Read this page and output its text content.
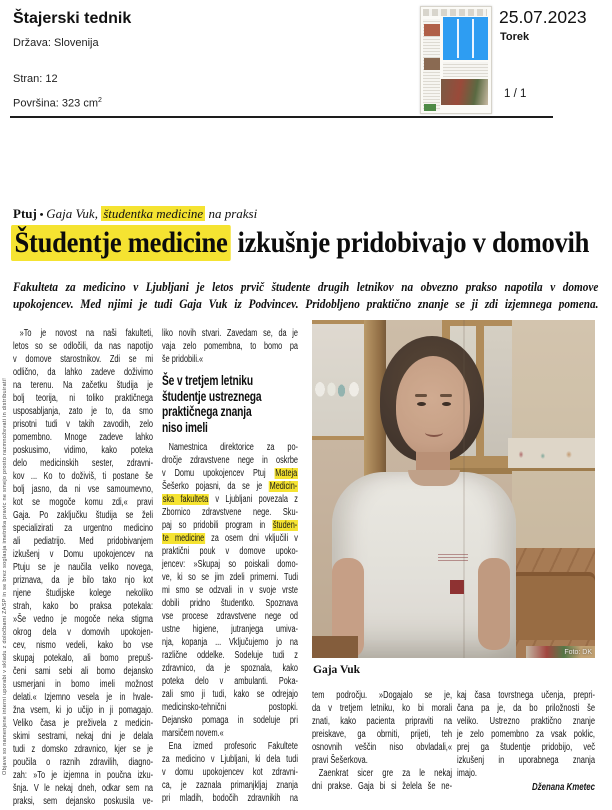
Štajerski tednik
Država: Slovenija
Stran: 12
Površina: 323 $cm^2$
25.07.2023
Torek
1 / 1
Objave so namenjene interni uporabi v skladu z določbami ZASP in se brez soglasja imetnika pravic ne smejo prosto razmnoževati in distribuirati!
Ptuj • Gaja Vuk, študentka medicine na praksi
Študentje medicine izkušnje pridobivajo v domovih
Fakulteta za medicino v Ljubljani je letos prvič študente drugih letnikov na obvezno prakso napotila v domove
upokojencev. Med njimi je tudi Gaja Vuk iz Podvincev. Pridobljeno praktično znanje se ji zdi izjemnega pomena.
»To je novost na naši fakulteti,
letos so se odločili, da nas napotijo
v domove starostnikov. Zdi se mi
odlično, da lahko zadeve doživimo
na terenu. Na začetku študija je
bolj teorija, ni toliko praktičnega
usposabljanja, zato je to, da smo
prisotni tudi v takih zavodih, zelo
pomembno. Mnoge zadeve lahko
poskusimo, vidimo, kako poteka
delo medicinskih sester, zdravni-
kov ... Ko to doživiš, ti postane še
bolj jasno, da ni vse samoumevno,
kot se mogoče komu zdi,« pravi
Gaja. Po zaključku študija se želi
specializirati za urgentno medicino
ali pediatrijo. Med pridobivanjem
izkušenj v Domu upokojencev na
Ptuju se je naučila veliko novega,
priznava, da je bilo tako njo kot
njene študijske kolege nekoliko
strah, kako bo praksa potekala:
»Še vedno je mogoče neka stigma
okrog dela v domovih upokojen-
cev, nismo vedeli, kako bo vse
skupaj potekalo, ali bomo prepuš-
čeni sami sebi ali bomo dejansko
usmerjani in bomo imeli možnost
delati.« Izjemno vesela je in hvale-
žna vsem, ki jo učijo in ji pomagajo.
Veliko časa je preživela z medicin-
skimi sestrami, nekaj dni je delala
tudi z domsko zdravnico, kjer se je
poučila o raznih zdravilih, diagno-
zah: »To je izjemna in poučna izku-
šnja. V le nekaj dneh, odkar sem na
praksi, sem dejansko poskusila ve-
liko novih stvari. Zavedam se, da je
vaja zelo pomembna, to bomo pa
še pridobili.«
Še v tretjem letniku
študentje ustreznega
praktičnega znanja
niso imeli
Namestnica direktorice za po-
dročje zdravstvene nege in oskrbe
v Domu upokojencev Ptuj Mateja
Šešerko pojasni, da se je Medicin-
ska fakulteta v Ljubljani povezala z
Zbornico zdravstvene nege. Sku-
paj so pridobili program in študen-
te medicine za osem dni vključili v
praktični pouk v domove upoko-
jencev: »Skupaj so poiskali domo-
ve, ki so se jim zdeli primerni. Tudi
mi smo se odzvali in v svoje vrste
dobili pridno študentko. Spoznava
vse procese zdravstvene nege od
ustne higiene, jutranjega umiva-
nja, kopanja ... Vključujemo jo na
različne oddelke. Sodeluje tudi z
zdravnico, da je spoznala, kako
poteka delo v ambulanti. Poka-
zali smo ji tudi, kako se odrejajo
medicinsko-tehnični postopki.
Dejansko pomaga in sodeluje pri
marsičem novem.«
Ena izmed profesoric Fakultete
za medicino v Ljubljani, ki dela tudi
v domu upokojencev kot zdravni-
ca, je zaznala primanjkljaj znanja
pri mladih, bodočih zdravnikih na
tem področju. »Dogajalo se je,
da v tretjem letniku, ko bi morali
znati, kako pacienta pripraviti na
preiskave, ga obrniti, prijeti, teh
osnovnih veščin niso obvladali,«
pravi Šešerkova.
Zaenkrat sicer gre za le nekaj
dni prakse. Gaja bi si želela še ne-
kaj časa tovrstnega učenja, prepri-
čana pa je, da bo priložnosti še
veliko. Ustrezno praktično znanje
je zelo pomembno za vsak poklic,
prej ga študentje pridobijo, več
izkušenj in uporabnega znanja
imajo.
Dženana Kmetec
Foto: DK
Gaja Vuk
